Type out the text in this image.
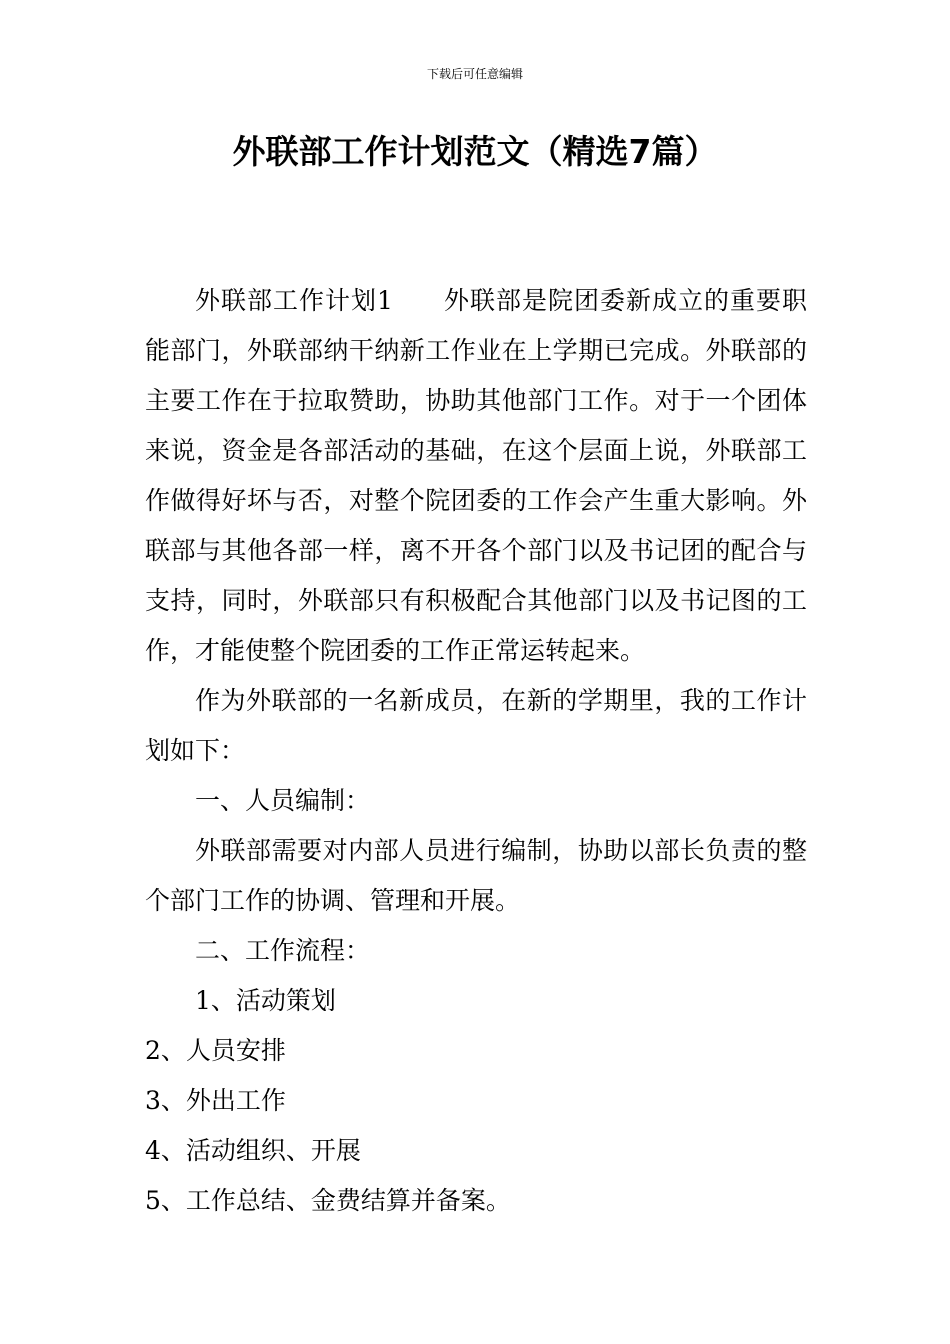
下载后可任意编辑
外联部工作计划范文（精选7篇）

外联部工作计划1 外联部是院团委新成立的重要职能部门，外联部纳干纳新工作业在上学期已完成。外联部的主要工作在于拉取赞助，协助其他部门工作。对于一个团体来说，资金是各部活动的基础，在这个层面上说，外联部工作做得好坏与否，对整个院团委的工作会产生重大影响。外联部与其他各部一样，离不开各个部门以及书记团的配合与支持，同时，外联部只有积极配合其他部门以及书记图的工作，才能使整个院团委的工作正常运转起来。

作为外联部的一名新成员，在新的学期里，我的工作计划如下：

一、人员编制：

外联部需要对内部人员进行编制，协助以部长负责的整个部门工作的协调、管理和开展。

二、工作流程：

1、活动策划

2、人员安排

3、外出工作

4、活动组织、开展

5、工作总结、金费结算并备案。
